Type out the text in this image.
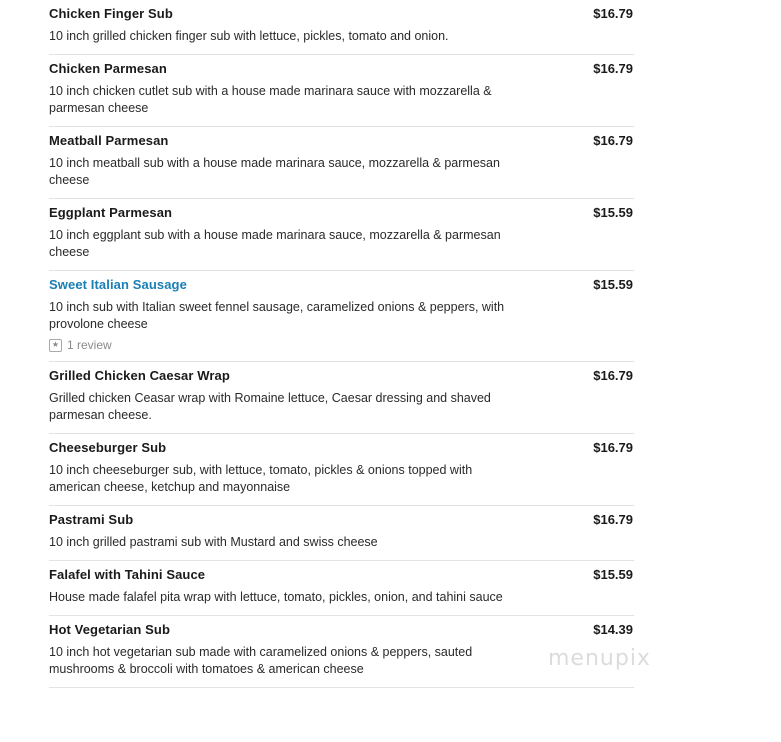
Chicken Finger Sub	$16.79
10 inch grilled chicken finger sub with lettuce, pickles, tomato and onion.
Chicken Parmesan	$16.79
10 inch chicken cutlet sub with a house made marinara sauce with mozzarella & parmesan cheese
Meatball Parmesan	$16.79
10 inch meatball sub with a house made marinara sauce, mozzarella & parmesan cheese
Eggplant Parmesan	$15.59
10 inch eggplant sub with a house made marinara sauce, mozzarella & parmesan cheese
Sweet Italian Sausage	$15.59
10 inch sub with Italian sweet fennel sausage, caramelized onions & peppers, with provolone cheese
★ 1 review
Grilled Chicken Caesar Wrap	$16.79
Grilled chicken Ceasar wrap with Romaine lettuce, Caesar dressing and shaved parmesan cheese.
Cheeseburger Sub	$16.79
10 inch cheeseburger sub, with lettuce, tomato, pickles & onions topped with american cheese, ketchup and mayonnaise
Pastrami Sub	$16.79
10 inch grilled pastrami sub with Mustard and swiss cheese
Falafel with Tahini Sauce	$15.59
House made falafel pita wrap with lettuce, tomato, pickles, onion, and tahini sauce
Hot Vegetarian Sub	$14.39
10 inch hot vegetarian sub made with caramelized onions & peppers, sauted mushrooms & broccoli with tomatoes & american cheese	menupix
